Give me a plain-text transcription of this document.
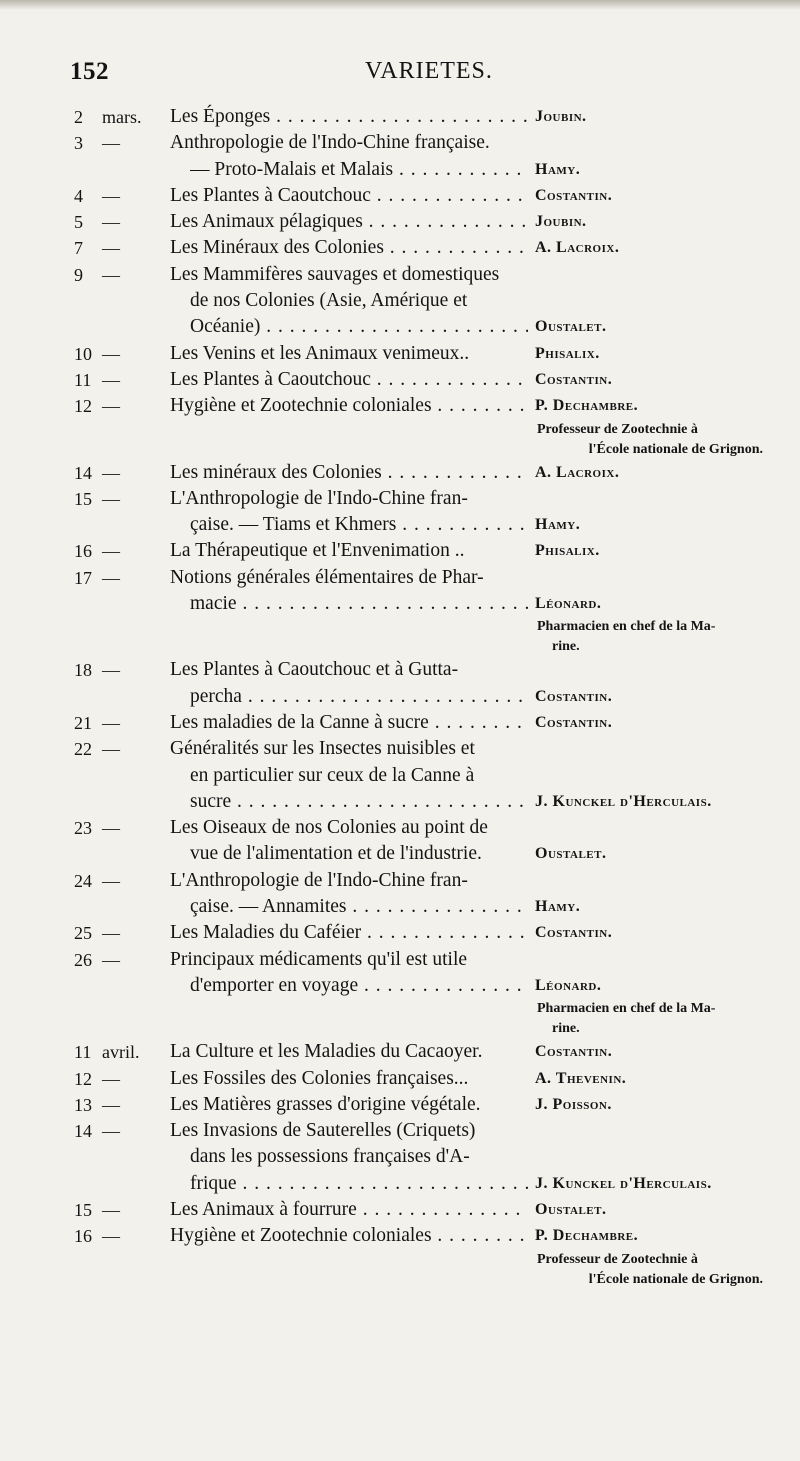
152	VARIETES.
2 mars.	Les Éponges . . .	Joubin.
3 —	Anthropologie de l'Indo-Chine française.
— Proto-Malais et Malais . . .	Hamy.
4 —	Les Plantes à Caoutchouc . . .	Costantin.
5 —	Les Animaux pélagiques . . .	Joubin.
7 —	Les Minéraux des Colonies . . .	A. Lacroix.
9 —	Les Mammifères sauvages et domestiques
de nos Colonies (Asie, Amérique et
Océanie) . . .	Oustalet.
10 —	Les Venins et les Animaux venimeux..	Phisalix.
11 —	Les Plantes à Caoutchouc . . .	Costantin.
12 —	Hygiène et Zootechnie coloniales . . .	P. Dechambre.
Professeur de Zootechnie à
l'École nationale de Grignon.
14 —	Les minéraux des Colonies . . .	A. Lacroix.
15 —	L'Anthropologie de l'Indo-Chine fran-
çaise. — Tiams et Khmers . . .	Hamy.
16 —	La Thérapeutique et l'Envenimation ..	Phisalix.
17 —	Notions générales élémentaires de Phar-
macie . . .	Léonard.
Pharmacien en chef de la Ma-
rine.
18 —	Les Plantes à Caoutchouc et à Gutta-
percha . . .	Costantin.
21 —	Les maladies de la Canne à sucre . . .	Costantin.
22 —	Généralités sur les Insectes nuisibles et
en particulier sur ceux de la Canne à
sucre . . .	J. Kunckel d'Herculais.
23 —	Les Oiseaux de nos Colonies au point de
vue de l'alimentation et de l'industrie.	Oustalet.
24 —	L'Anthropologie de l'Indo-Chine fran-
çaise. — Annamites . . .	Hamy.
25 —	Les Maladies du Caféier . . .	Costantin.
26 —	Principaux médicaments qu'il est utile
d'emporter en voyage . . .	Léonard.
Pharmacien en chef de la Ma-
rine.
11 avril.	La Culture et les Maladies du Cacaoyer.	Costantin.
12 —	Les Fossiles des Colonies françaises...	A. Thevenin.
13 —	Les Matières grasses d'origine végétale.	J. Poisson.
14 —	Les Invasions de Sauterelles (Criquets)
dans les possessions françaises d'A-
frique . . .	J. Kunckel d'Herculais.
15 —	Les Animaux à fourrure . . .	Oustalet.
16 —	Hygiène et Zootechnie coloniales . . .	P. Dechambre.
Professeur de Zootechnie à
l'École nationale de Grignon.
